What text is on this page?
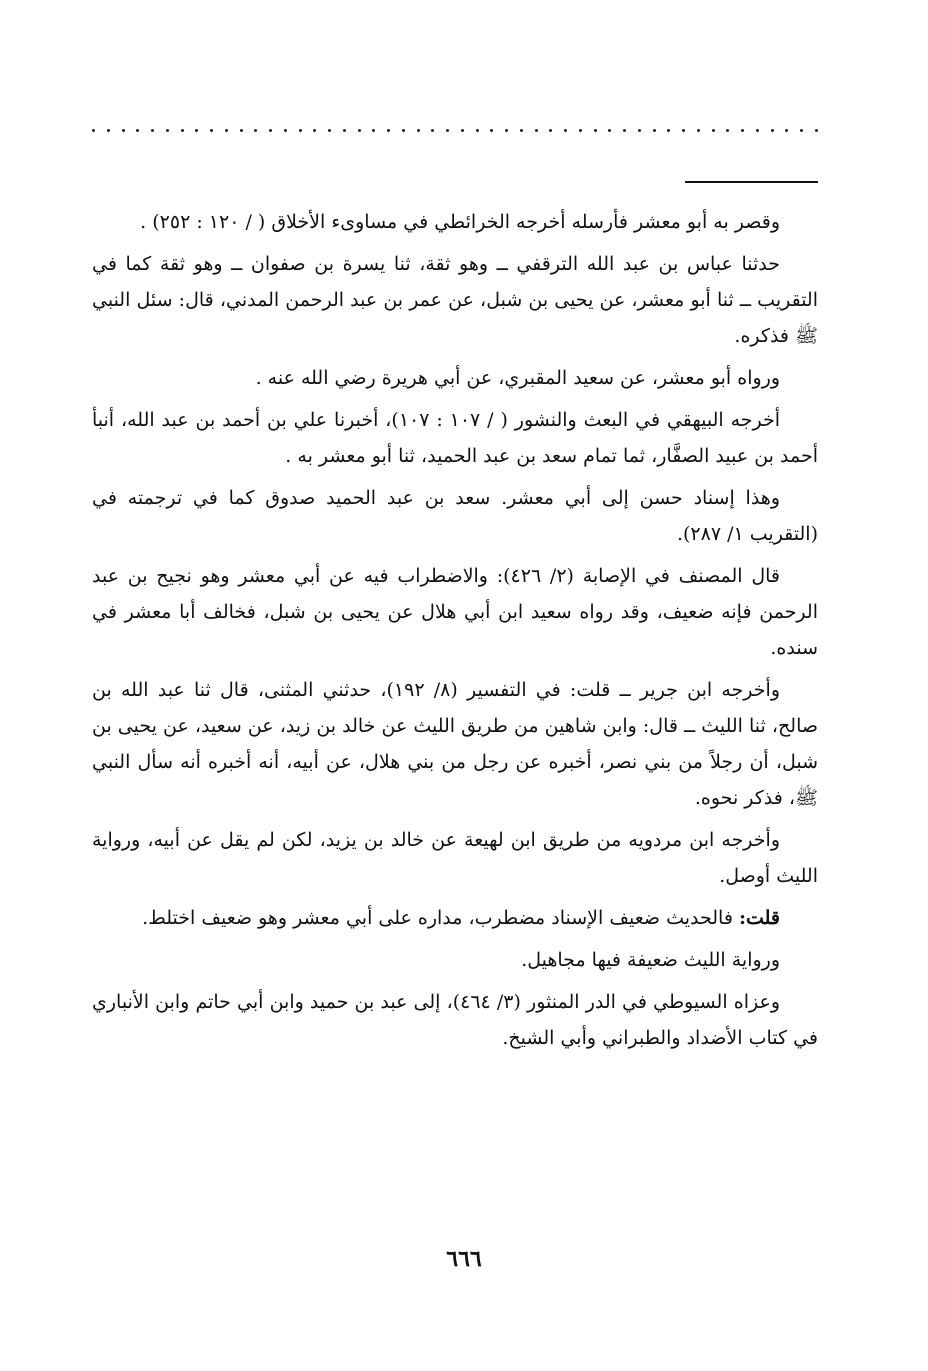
وقصر به أبو معشر فأرسله أخرجه الخرائطي في مساوىء الأخلاق ( / ١٢٠ : ٢٥٢) .

حدثنا عباس بن عبد الله الترقفي ــ وهو ثقة، ثنا يسرة بن صفوان ــ وهو ثقة كما في التقريب ــ ثنا أبو معشر، عن يحيى بن شبل، عن عمر بن عبد الرحمن المدني، قال: سئل النبي ﷺ فذكره.

ورواه أبو معشر، عن سعيد المقبري، عن أبي هريرة رضي الله عنه .

أخرجه البيهقي في البعث والنشور ( / ١٠٧ : ١٠٧)، أخبرنا علي بن أحمد بن عبد الله، أنبأ أحمد بن عبيد الصفَّار، ثما تمام سعد بن عبد الحميد، ثنا أبو معشر به .

وهذا إسناد حسن إلى أبي معشر. سعد بن عبد الحميد صدوق كما في ترجمته في (التقريب ١/ ٢٨٧).

قال المصنف في الإصابة (٢/ ٤٢٦): والاضطراب فيه عن أبي معشر وهو نجيح بن عبد الرحمن فإنه ضعيف، وقد رواه سعيد ابن أبي هلال عن يحيى بن شبل، فخالف أبا معشر في سنده.

وأخرجه ابن جرير ــ قلت: في التفسير (٨/ ١٩٢)، حدثني المثنى، قال ثنا عبد الله بن صالح، ثنا الليث ــ قال: وابن شاهين من طريق الليث عن خالد بن زيد، عن سعيد، عن يحيى بن شبل، أن رجلاً من بني نصر، أخبره عن رجل من بني هلال، عن أبيه، أنه أخبره أنه سأل النبي ﷺ، فذكر نحوه.

وأخرجه ابن مردويه من طريق ابن لهيعة عن خالد بن يزيد، لكن لم يقل عن أبيه، ورواية الليث أوصل.

قلت: فالحديث ضعيف الإسناد مضطرب، مداره على أبي معشر وهو ضعيف اختلط.

ورواية الليث ضعيفة فيها مجاهيل.

وعزاه السيوطي في الدر المنثور (٣/ ٤٦٤)، إلى عبد بن حميد وابن أبي حاتم وابن الأنباري في كتاب الأضداد والطبراني وأبي الشيخ.

٦٦٦
